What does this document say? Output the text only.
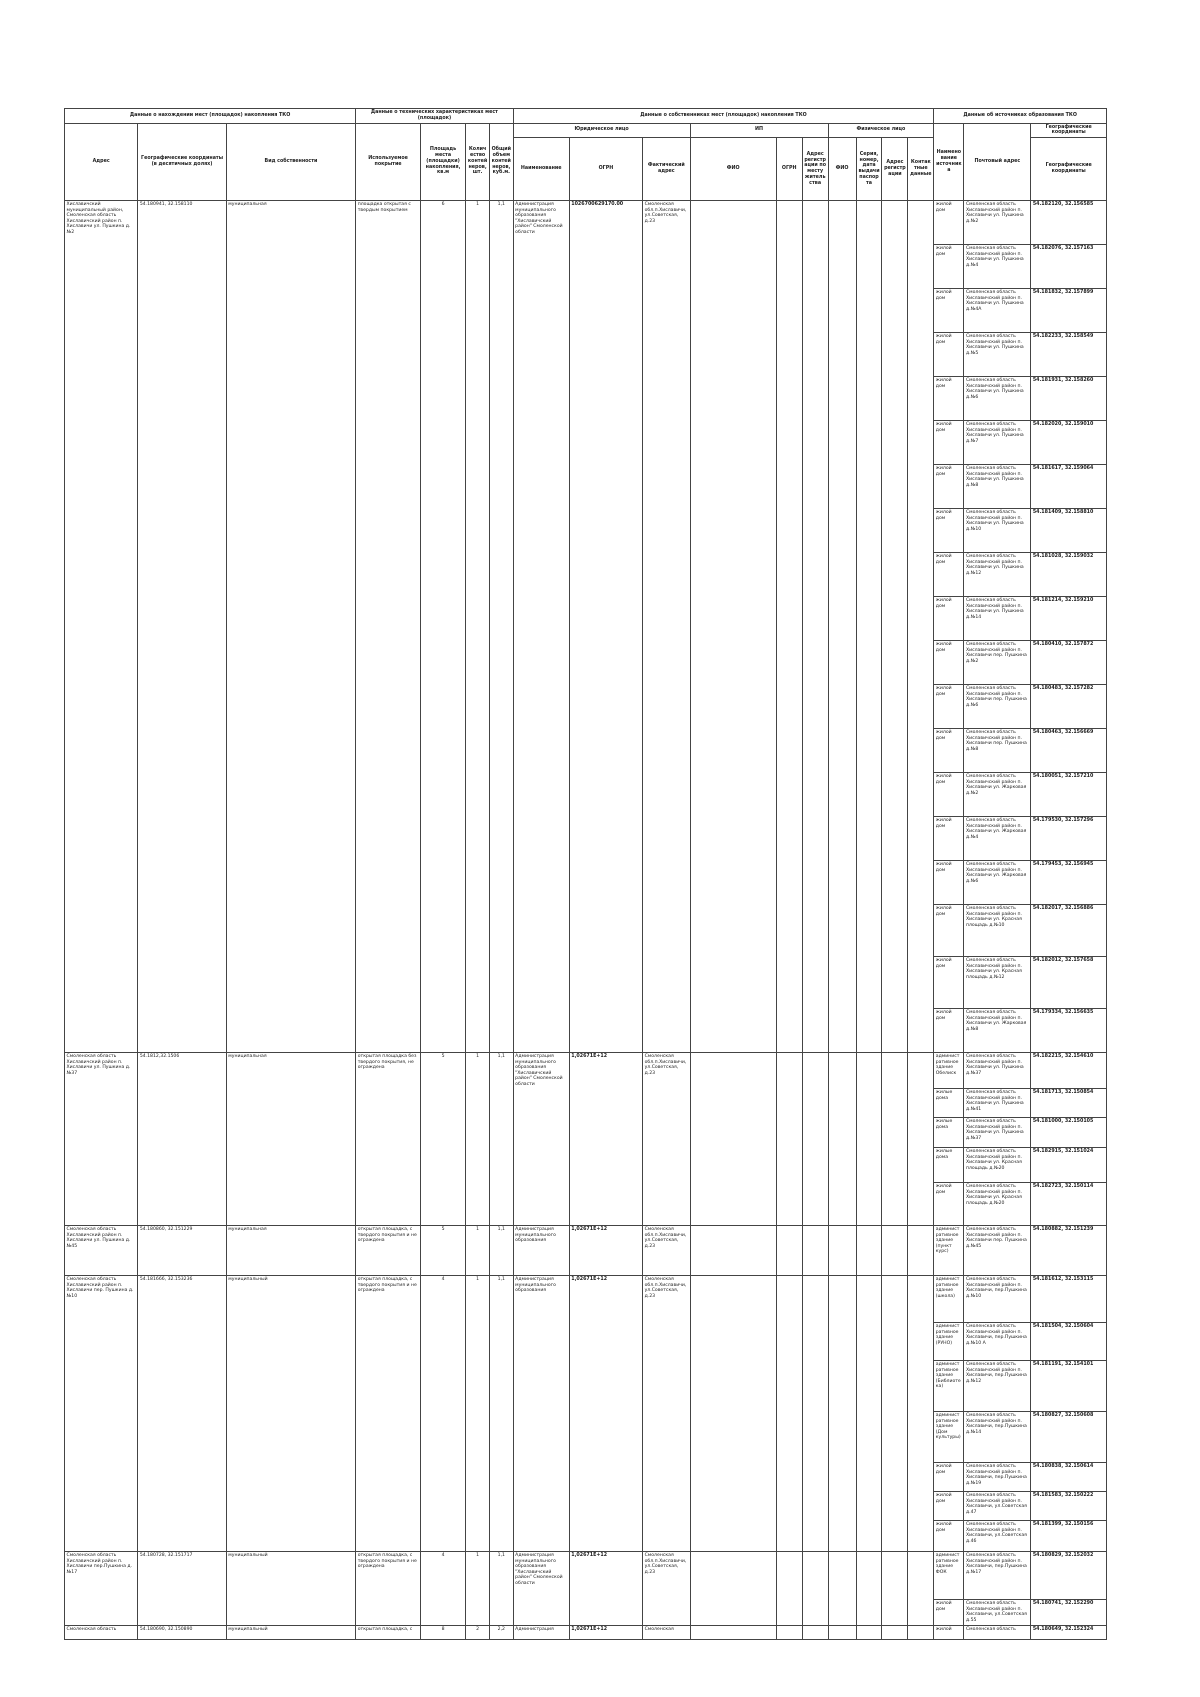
Данные о нахождении мест (площадок) накопления ТКО			Данные о технических характеристиках мест (площадок)				Данные о собственниках мест (площадок) накопления ТКО										Данные об источниках образования ТКО		
Адрес	Географические координаты (в десятичных долях)	Вид собственности	Используемое покрытие	Площадь места (площадки) накопления, кв.м	Количество контейнеров, шт.	Общий объем контейнеров, куб.м.	Юридическое лицо			ИП			Физическое лицо				Наименование источника	Почтовый адрес	Географические координаты
							Наименование	ОГРН	Фактический адрес	ФИО	ОГРН	Адрес регистрации по месту жительства	ФИО	Серия, номер, дата выдачи паспорта	Адрес регистрации	Контактные данные			Географические координаты
Хиславичский муниципальный район, Смоленская область Хиславичский район п. Хиславичи ул. Пушкина д.№2	54.180941, 32.158110	муниципальная	площадка открытая с твердым покрытием	6	1	1,1	Администрация муниципального образования "Хиславичский район" Смоленской области	1026700629170.00	Смоленская обл.п.Хиславичи, ул.Советская, д.23								жилой дом	Смоленская область Хиславичский район п. Хиславичи ул. Пушкина д.№2	54.182120, 32.156585
																	жилой дом	Смоленская область Хиславичский район п. Хиславичи ул. Пушкина д.№4	54.182076, 32.157163
																	жилой дом	Смоленская область Хиславичский район п. Хиславичи ул. Пушкина д.№4А	54.181832, 32.157899
																	жилой дом	Смоленская область Хиславичский район п. Хиславичи ул. Пушкина д.№5	54.182233, 32.158549
																	жилой дом	Смоленская область Хиславичский район п. Хиславичи ул. Пушкина д.№6	54.181931, 32.158260
																	жилой дом	Смоленская область Хиславичский район п. Хиславичи ул. Пушкина д.№7	54.182020, 32.159010
																	жилой дом	Смоленская область Хиславичский район п. Хиславичи ул. Пушкина д.№8	54.181617, 32.159064
																	жилой дом	Смоленская область Хиславичский район п. Хиславичи ул. Пушкина д.№10	54.181409, 32.158810
																	жилой дом	Смоленская область Хиславичский район п. Хиславичи ул. Пушкина д.№12	54.181028, 32.159032
																	жилой дом	Смоленская область Хиславичский район п. Хиславичи ул. Пушкина д.№14	54.181214, 32.159210
																	жилой дом	Смоленская область Хиславичский район п. Хиславичи пер. Пушкина д.№2	54.180410, 32.157872
																	жилой дом	Смоленская область Хиславичский район п. Хиславичи пер. Пушкина д.№6	54.180483, 32.157282
																	жилой дом	Смоленская область Хиславичский район п. Хиславичи пер. Пушкина д.№8	54.180463, 32.156669
																	жилой дом	Смоленская область Хиславичский район п. Хиславичи ул. Жарковая д.№2	54.180051, 32.157210
																	жилой дом	Смоленская область Хиславичский район п. Хиславичи ул. Жарковая д.№4	54.179530, 32.157296
																	жилой дом	Смоленская область Хиславичский район п. Хиславичи ул. Жарковая д.№6	54.179453, 32.156945
																	жилой дом	Смоленская область Хиславичский район п. Хиславичи ул. Красная площадь д.№10	54.182017, 32.156886
																	жилой дом	Смоленская область Хиславичский район п. Хиславичи ул. Красная площадь д.№12	54.182012, 32.157658
																	жилой дом	Смоленская область Хиславичский район п. Хиславичи ул. Жарковая д.№8	54.179334, 32.156635
Смоленская область Хиславичский район п. Хиславичи ул. Пушкина д.№37	54.1812,32.1506	муниципальная	открытая площадка без твердого покрытия, не ограждена	5	1	1,1	Администрация муниципального образования "Хиславичский район" Смоленской области	1,02671Е+12	Смоленская обл.п.Хиславичи, ул.Советская, д.23								административное здание Обелиск	Смоленская область Хиславичский район п. Хиславичи ул. Пушкина д.№37	54.182215, 32.154610
																	жилые дома	Смоленская область Хиславичский район п. Хиславичи ул. Пушкина д.№41	54.181713, 32.150854
																	жилые дома	Смоленская область Хиславичский район п. Хиславичи ул. Пушкина д.№37	54.181000, 32.150105
																	жилые дома	Смоленская область Хиславичский район п. Хиславичи ул. Красная площадь д.№20	54.182915, 32.151024
																	жилой дом	Смоленская область Хиславичский район п. Хиславичи ул. Красная площадь д.№20	54.182723, 32.150114
Смоленская область Хиславичский район п. Хиславичи ул. Пушкина д.№45	54.180860, 32.151229	муниципальная	открытая площадка, с твердого покрытия и не ограждена	5	1	1,1	Администрация муниципального образования	1,02671Е+12	Смоленская обл.п.Хиславичи, ул.Советская, д.23								административное здание (пункт курс)	Смоленская область Хиславичский район п. Хиславичи пер. Пушкина д.№45	54.180882, 32.151239
Смоленская область Хиславичский район п. Хиславичи пер. Пушкина д.№10	54.181666, 32.153236	муниципальный	открытая площадка, с твердого покрытия и не ограждена	4	1	1,1	Администрация муниципального образования	1,02671Е+12	Смоленская обл.п.Хиславичи, ул.Советская, д.23								административное здание (школа)	Смоленская область Хиславичский район п. Хиславичи, пер.Пушкина д.№10	54.181612, 32.153115
																	административное здание (РУНО)	Смоленская область Хиславичский район п. Хиславичи, пер.Пушкина д.№10 А	54.181504, 32.150604
																	административное здание (Библиотека)	Смоленская область Хиславичский район п. Хиславичи, пер.Пушкина д.№12	54.181191, 32.154101
																	административное здание (Дом культуры)	Смоленская область Хиславичский район п. Хиславичи, пер.Пушкина д.№14	54.180827, 32.150608
																	жилой дом	Смоленская область Хиславичский район п. Хиславичи, пер.Пушкина д.№19	54.180838, 32.150614
																	жилой дом	Смоленская область Хиславичский район п. Хиславичи, ул.Советская д.47	54.181583, 32.150222
																	жилой дом	Смоленская область Хиславичский район п. Хиславичи, ул.Советская д.46	54.181399, 32.150156
Смоленская область Хиславичский район п. Хиславичи пер.Пушкина д.№17	54.180728, 32.151717	муниципальный	открытая площадка, с твердого покрытия и не ограждена	4	1	1,1	Администрация муниципального образования "Хиславичский район" Смоленской области	1,02671Е+12	Смоленская обл.п.Хиславичи, ул.Советская, д.23								административное здание ФОК	Смоленская область Хиславичский район п. Хиславичи, пер.Пушкина д.№17	54.180829, 32.152032
																	жилой дом	Смоленская область Хиславичский район п. Хиславичи, ул.Советская д.55	54.180741, 32.152290
Смоленская область	54.180690, 32.150890	муниципальный	открытая площадка, с	8	2	2,2	Администрация	1,02671Е+12	Смоленская								жилой	Смоленская область	54.180649, 32.152324
